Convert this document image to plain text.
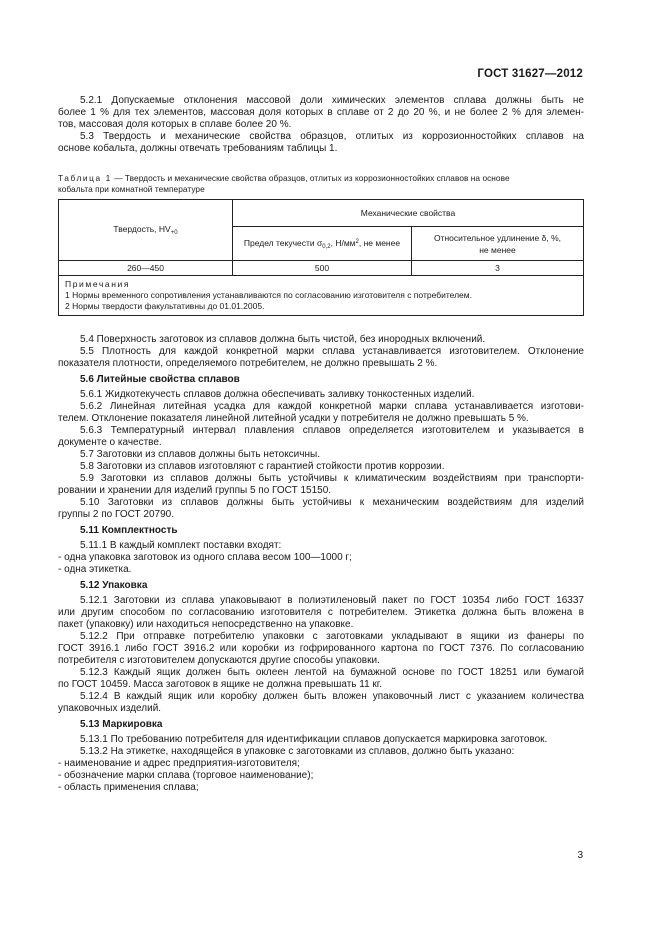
ГОСТ 31627—2012

5.2.1 Допускаемые отклонения массовой доли химических элементов сплава должны быть не

более 1 % для тех элементов, массовая доля которых в сплаве от 2 до 20 %, и не более 2 % для элемен-

тов, массовая доля которых в сплаве более 20 %.

5.3 Твердость и механические свойства образцов, отлитых из коррозионностойких сплавов на

основе кобальта, должны отвечать требованиям таблицы 1.

Таблица 1 — Твердость и механические свойства образцов, отлитых из коррозионностойких сплавов на основе
кобальта при комнатной температуре
Твердость, $HV_{+0}$	Механические свойства	
	Предел текучести $\sigma_{0,2}$, $Н/мм^2$, не менее	Относительное удлинение δ, %,
не менее
260—450	500	3
Примечания
1 Нормы временного сопротивления устанавливаются по согласованию изготовителя с потребителем.
2 Нормы твердости факультативны до 01.01.2005.		

5.4 Поверхность заготовок из сплавов должна быть чистой, без инородных включений.

5.5 Плотность для каждой конкретной марки сплава устанавливается изготовителем. Отклонение

показателя плотности, определяемого потребителем, не должно превышать 2 %.

5.6 Литейные свойства сплавов

5.6.1 Жидкотекучесть сплавов должна обеспечивать заливку тонкостенных изделий.

5.6.2 Линейная литейная усадка для каждой конкретной марки сплава устанавливается изготови-

телем. Отклонение показателя линейной литейной усадки у потребителя не должно превышать 5 %.

5.6.3 Температурный интервал плавления сплавов определяется изготовителем и указывается в

документе о качестве.

5.7 Заготовки из сплавов должны быть нетоксичны.

5.8 Заготовки из сплавов изготовляют с гарантией стойкости против коррозии.

5.9 Заготовки из сплавов должны быть устойчивы к климатическим воздействиям при транспорти-

ровании и хранении для изделий группы 5 по ГОСТ 15150.

5.10 Заготовки из сплавов должны быть устойчивы к механическим воздействиям для изделий

группы 2 по ГОСТ 20790.

5.11 Комплектность

5.11.1 В каждый комплект поставки входят:

- одна упаковка заготовок из одного сплава весом 100—1000 г;

- одна этикетка.

5.12 Упаковка

5.12.1 Заготовки из сплава упаковывают в полиэтиленовый пакет по ГОСТ 10354 либо ГОСТ 16337

или другим способом по согласованию изготовителя с потребителем. Этикетка должна быть вложена в

пакет (упаковку) или находиться непосредственно на упаковке.

5.12.2 При отправке потребителю упаковки с заготовками укладывают в ящики из фанеры по

ГОСТ 3916.1 либо ГОСТ 3916.2 или коробки из гофрированного картона по ГОСТ 7376. По согласованию

потребителя с изготовителем допускаются другие способы упаковки.

5.12.3 Каждый ящик должен быть оклеен лентой на бумажной основе по ГОСТ 18251 или бумагой

по ГОСТ 10459. Масса заготовок в ящике не должна превышать 11 кг.

5.12.4 В каждый ящик или коробку должен быть вложен упаковочный лист с указанием количества

упаковочных изделий.

5.13 Маркировка

5.13.1 По требованию потребителя для идентификации сплавов допускается маркировка заготовок.

5.13.2 На этикетке, находящейся в упаковке с заготовками из сплавов, должно быть указано:

- наименование и адрес предприятия-изготовителя;

- обозначение марки сплава (торговое наименование);

- область применения сплава;

3
